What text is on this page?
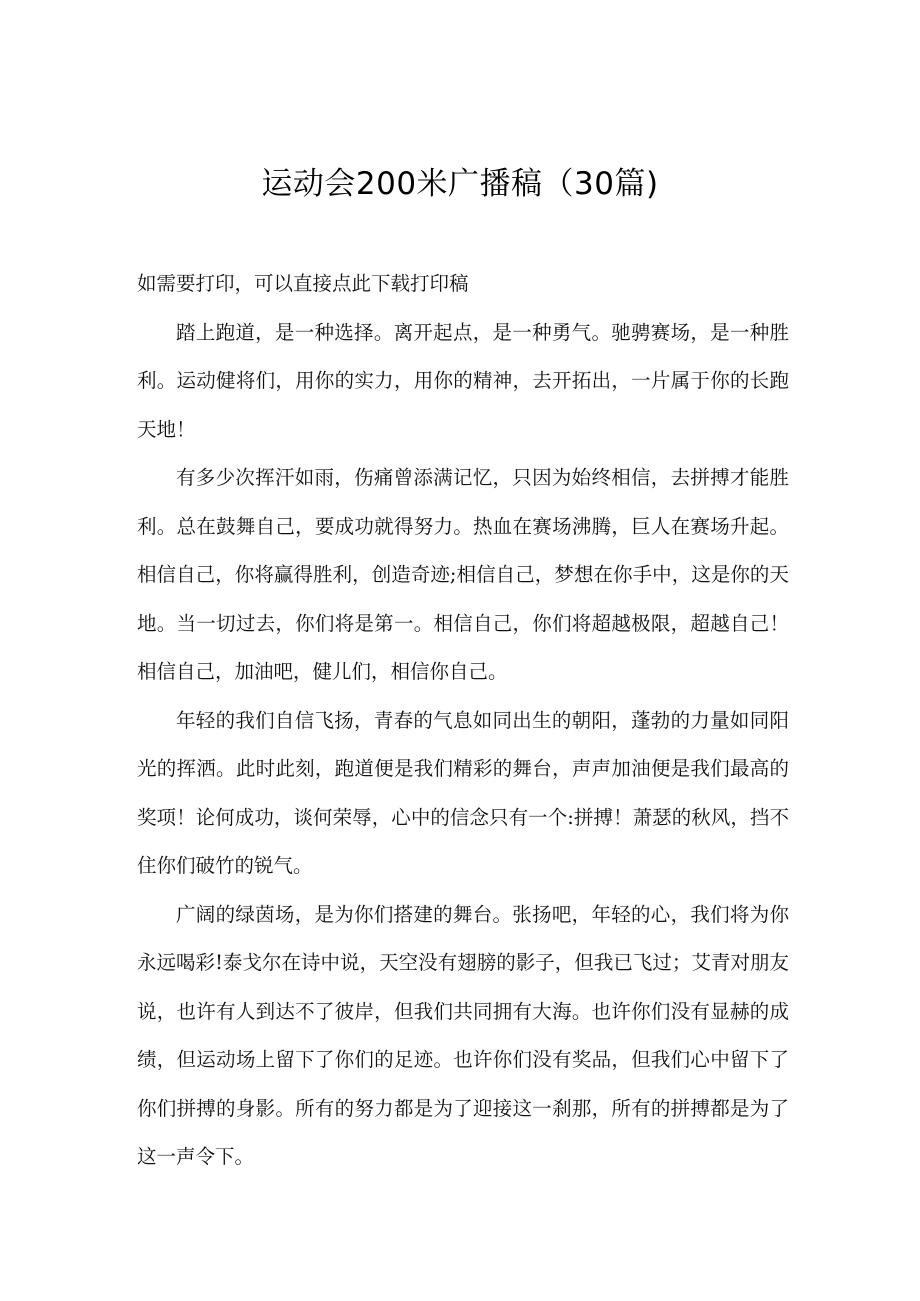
运动会200米广播稿（30篇)

如需要打印，可以直接点此下载打印稿

踏上跑道，是一种选择。离开起点，是一种勇气。驰骋赛场，是一种胜利。运动健将们，用你的实力，用你的精神，去开拓出，一片属于你的长跑天地！

有多少次挥汗如雨，伤痛曾添满记忆，只因为始终相信，去拼搏才能胜利。总在鼓舞自己，要成功就得努力。热血在赛场沸腾，巨人在赛场升起。相信自己，你将赢得胜利，创造奇迹;相信自己，梦想在你手中，这是你的天地。当一切过去，你们将是第一。相信自己，你们将超越极限，超越自己！相信自己，加油吧，健儿们，相信你自己。

年轻的我们自信飞扬，青春的气息如同出生的朝阳，蓬勃的力量如同阳光的挥洒。此时此刻，跑道便是我们精彩的舞台，声声加油便是我们最高的奖项！论何成功，谈何荣辱，心中的信念只有一个:拼搏！萧瑟的秋风，挡不住你们破竹的锐气。

广阔的绿茵场，是为你们搭建的舞台。张扬吧，年轻的心，我们将为你永远喝彩!泰戈尔在诗中说，天空没有翅膀的影子，但我已飞过；艾青对朋友说，也许有人到达不了彼岸，但我们共同拥有大海。也许你们没有显赫的成绩，但运动场上留下了你们的足迹。也许你们没有奖品，但我们心中留下了你们拼搏的身影。所有的努力都是为了迎接这一刹那，所有的拼搏都是为了这一声令下。
